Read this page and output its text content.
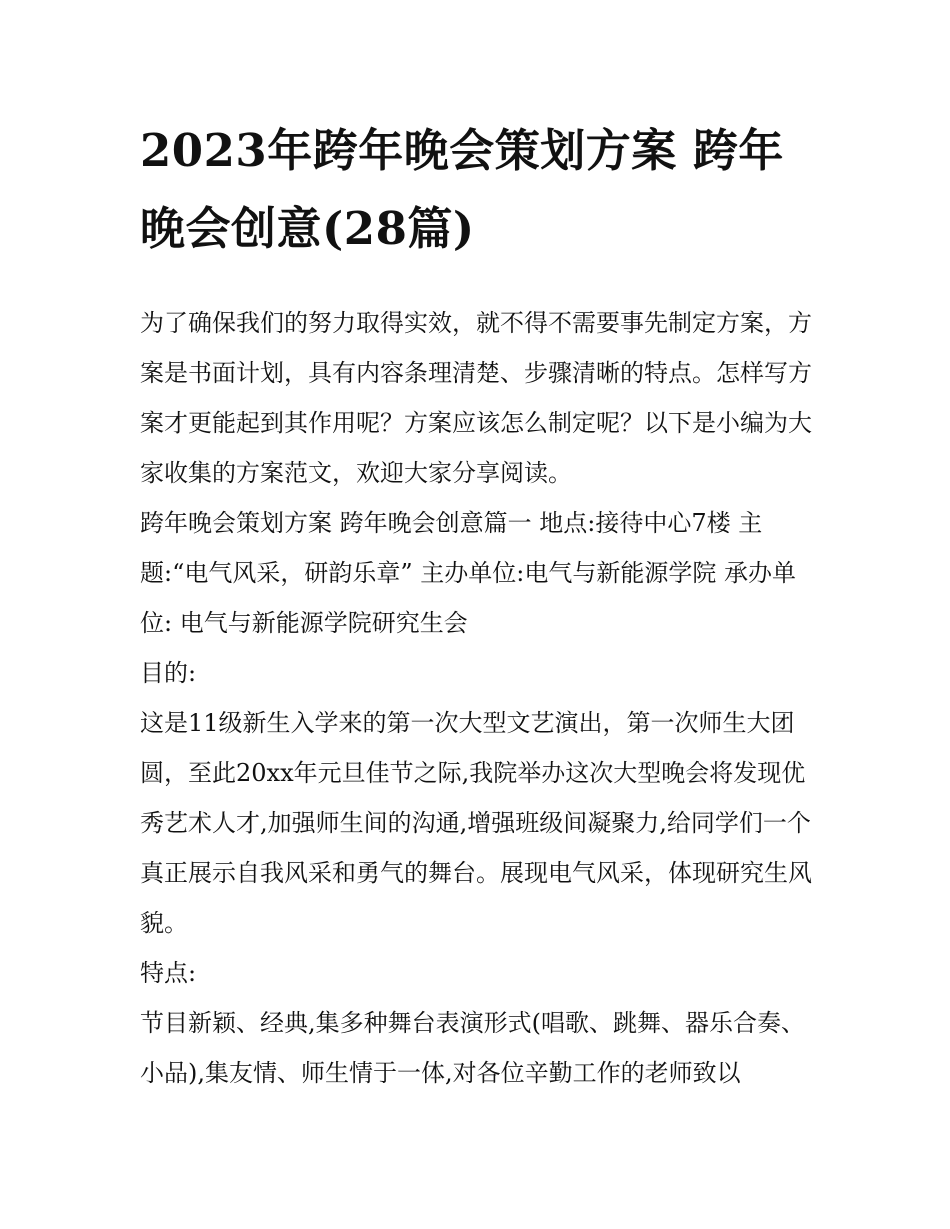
2023年跨年晚会策划方案 跨年晚会创意(28篇)

为了确保我们的努力取得实效，就不得不需要事先制定方案，方案是书面计划，具有内容条理清楚、步骤清晰的特点。怎样写方案才更能起到其作用呢？方案应该怎么制定呢？以下是小编为大家收集的方案范文，欢迎大家分享阅读。

跨年晚会策划方案 跨年晚会创意篇一 地点:接待中心7楼 主题:“电气风采，研韵乐章” 主办单位:电气与新能源学院 承办单位: 电气与新能源学院研究生会

目的:

这是11级新生入学来的第一次大型文艺演出，第一次师生大团圆，至此20xx年元旦佳节之际,我院举办这次大型晚会将发现优秀艺术人才,加强师生间的沟通,增强班级间凝聚力,给同学们一个真正展示自我风采和勇气的舞台。展现电气风采，体现研究生风貌。

特点:

节目新颖、经典,集多种舞台表演形式(唱歌、跳舞、器乐合奏、小品),集友情、师生情于一体,对各位辛勤工作的老师致以
